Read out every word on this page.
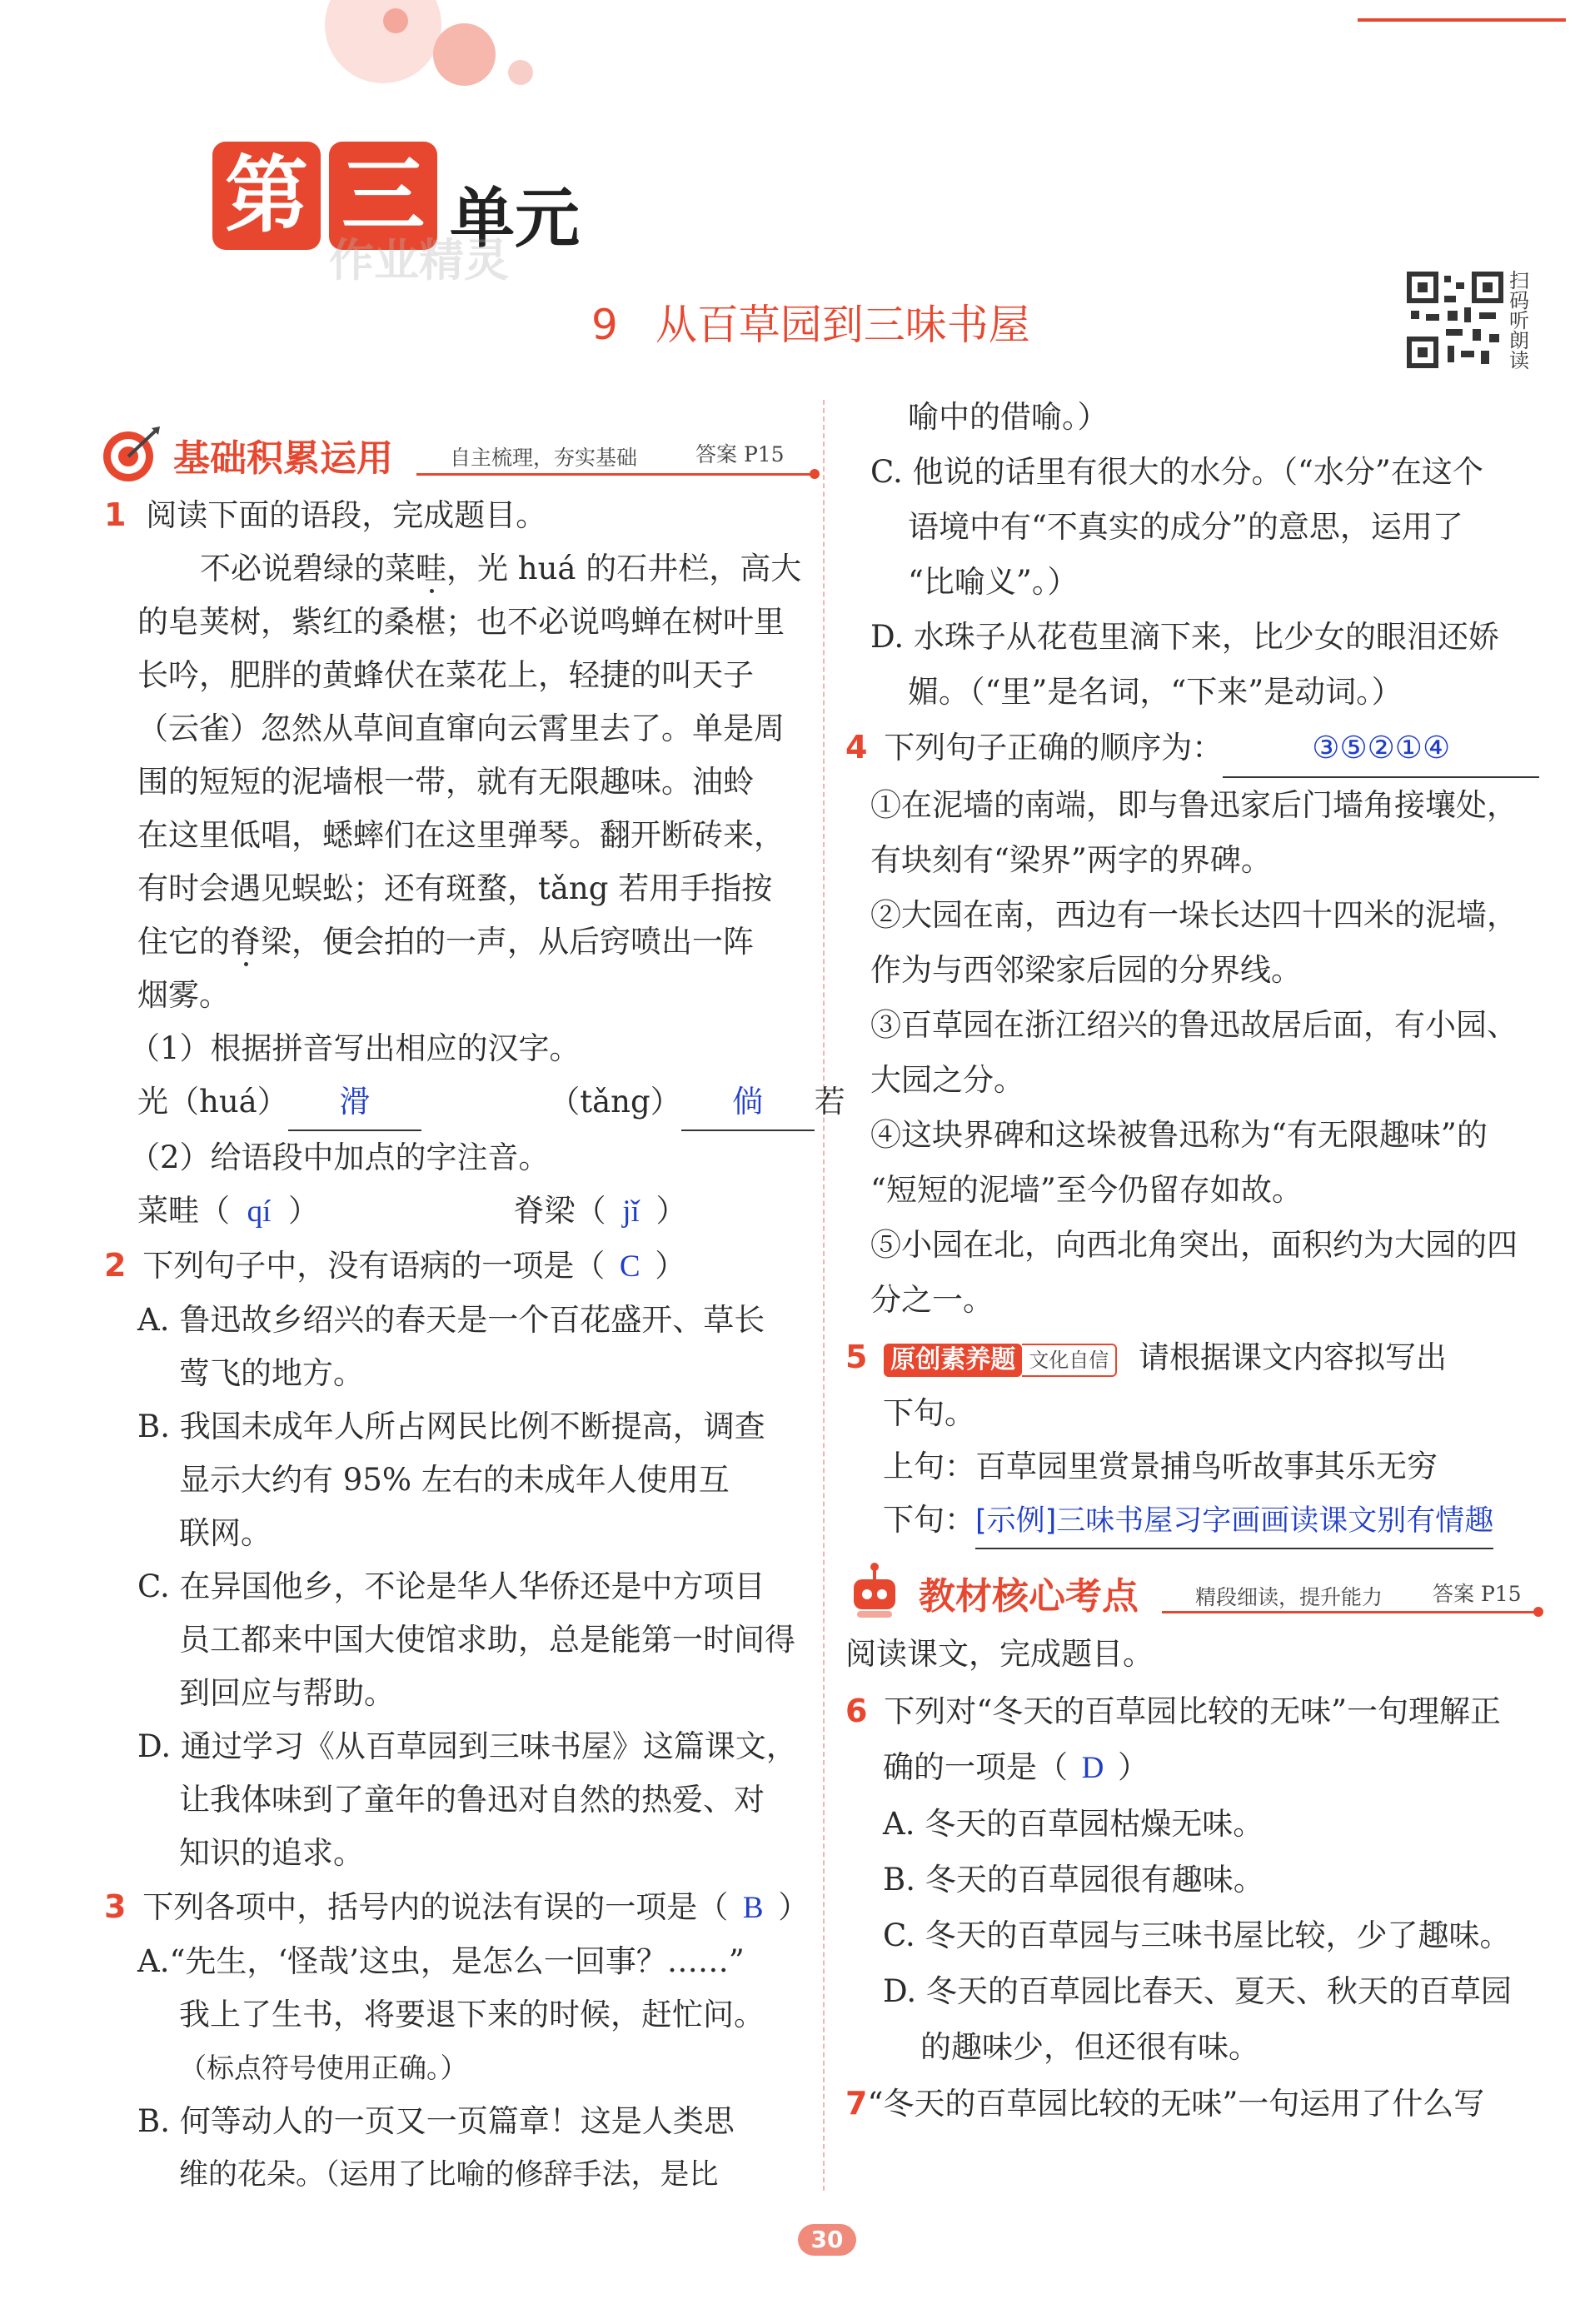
第 三 单元
作业精灵
9 从百草园到三味书屋
扫码听朗读
基础积累运用	自主梳理，夯实基础	答案 P15
1 阅读下面的语段，完成题目。
不必说碧绿的菜畦，光 huá 的石井栏，高大
的皂荚树，紫红的桑椹；也不必说鸣蝉在树叶里
长吟，肥胖的黄蜂伏在菜花上，轻捷的叫天子
（云雀）忽然从草间直窜向云霄里去了。单是周
围的短短的泥墙根一带，就有无限趣味。油蛉
在这里低唱，蟋蟀们在这里弹琴。翻开断砖来，
有时会遇见蜈蚣；还有斑蝥，tǎng 若用手指按
住它的脊梁，便会拍的一声，从后窍喷出一阵
烟雾。
（1）根据拼音写出相应的汉字。
光（huá） 滑	（tǎng） 倘 若
（2）给语段中加点的字注音。
菜畦（ qí ）	脊梁（ jǐ ）
2 下列句子中，没有语病的一项是（ C ）
A. 鲁迅故乡绍兴的春天是一个百花盛开、草长
莺飞的地方。
B. 我国未成年人所占网民比例不断提高，调查
显示大约有 95% 左右的未成年人使用互
联网。
C. 在异国他乡，不论是华人华侨还是中方项目
员工都来中国大使馆求助，总是能第一时间得
到回应与帮助。
D. 通过学习《从百草园到三味书屋》这篇课文，
让我体味到了童年的鲁迅对自然的热爱、对
知识的追求。
3 下列各项中，括号内的说法有误的一项是（ B ）
A.“先生，‘怪哉’这虫，是怎么一回事？……”
我上了生书，将要退下来的时候，赶忙问。
（标点符号使用正确。）
B. 何等动人的一页又一页篇章！这是人类思
维的花朵。（运用了比喻的修辞手法，是比
喻中的借喻。）
C. 他说的话里有很大的水分。（“水分”在这个
语境中有“不真实的成分”的意思，运用了
“比喻义”。）
D. 水珠子从花苞里滴下来，比少女的眼泪还娇
媚。（“里”是名词，“下来”是动词。）
4 下列句子正确的顺序为：	③⑤②①④
①在泥墙的南端，即与鲁迅家后门墙角接壤处，
有块刻有“梁界”两字的界碑。
②大园在南，西边有一垛长达四十四米的泥墙，
作为与西邻梁家后园的分界线。
③百草园在浙江绍兴的鲁迅故居后面，有小园、
大园之分。
④这块界碑和这垛被鲁迅称为“有无限趣味”的
“短短的泥墙”至今仍留存如故。
⑤小园在北，向西北角突出，面积约为大园的四
分之一。
5 原创素养题 文化自信 请根据课文内容拟写出
下句。
上句：百草园里赏景捕鸟听故事其乐无穷
下句：[示例]三味书屋习字画画读课文别有情趣
教材核心考点	精段细读，提升能力 答案 P15
阅读课文，完成题目。
6 下列对“冬天的百草园比较的无味”一句理解正
确的一项是（ D ）
A. 冬天的百草园枯燥无味。
B. 冬天的百草园很有趣味。
C. 冬天的百草园与三味书屋比较，少了趣味。
D. 冬天的百草园比春天、夏天、秋天的百草园
的趣味少，但还很有味。
7“冬天的百草园比较的无味”一句运用了什么写
30
